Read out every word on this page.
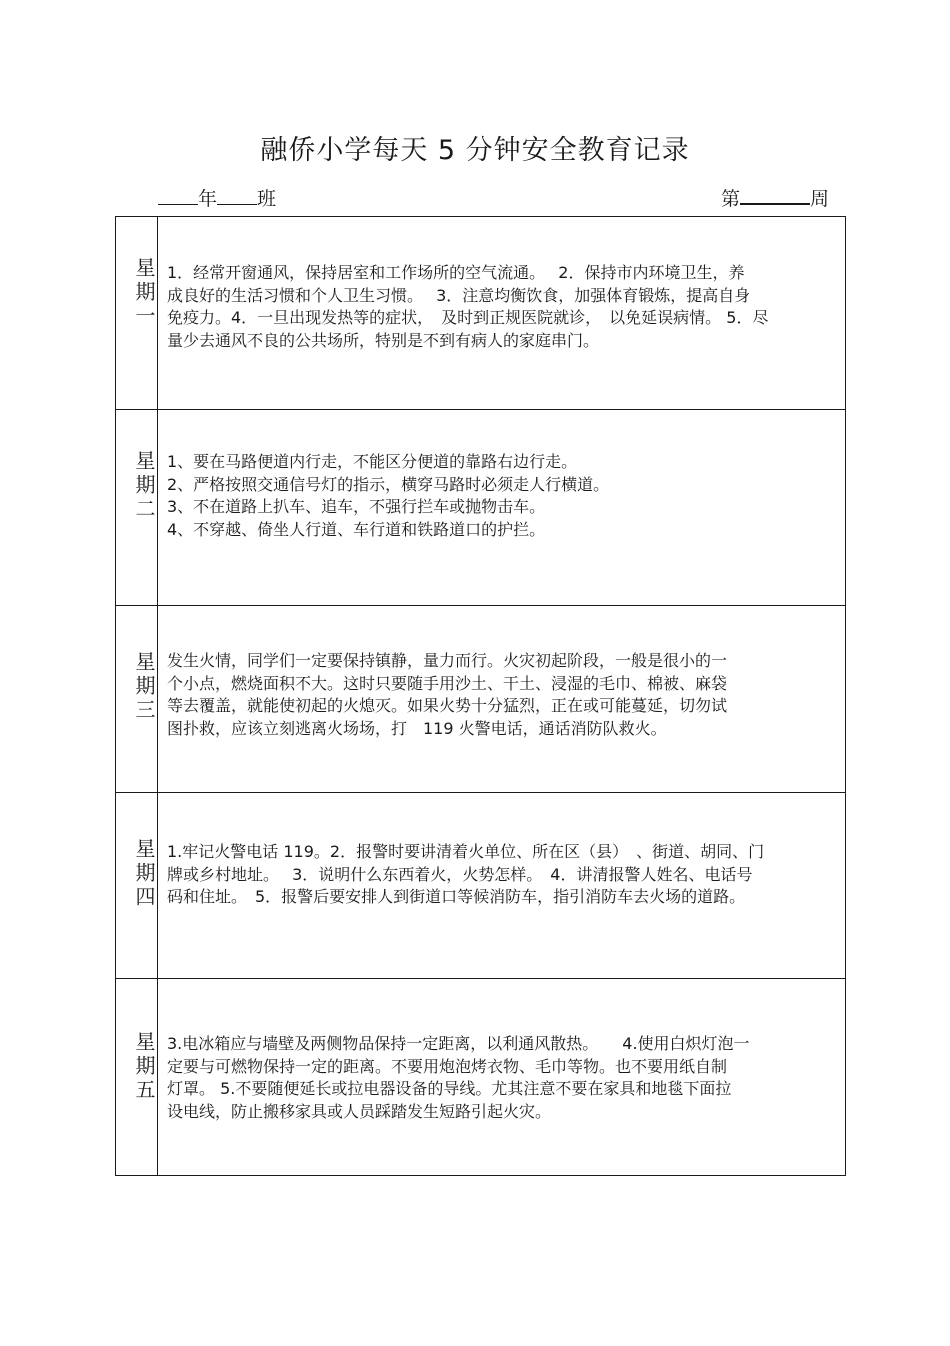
融侨小学每天 5 分钟安全教育记录
年 班	第	周
星期一 1．经常开窗通风，保持居室和工作场所的空气流通。　 2．保持市内环境卫生，养
成良好的生活习惯和个人卫生习惯。　 3．注意均衡饮食，加强体育锻炼，提高自身
免疫力。4．一旦出现发热等的症状，　及时到正规医院就诊，　以免延误病情。 5．尽
量少去通风不良的公共场所，特别是不到有病人的家庭串门。

星期二 1、要在马路便道内行走，不能区分便道的靠路右边行走。
2、严格按照交通信号灯的指示，横穿马路时必须走人行横道。
3、不在道路上扒车、追车，不强行拦车或抛物击车。
4、不穿越、倚坐人行道、车行道和铁路道口的护拦。

星期三 发生火情，同学们一定要保持镇静，量力而行。火灾初起阶段，一般是很小的一
个小点，燃烧面积不大。这时只要随手用沙土、干土、浸湿的毛巾、棉被、麻袋
等去覆盖，就能使初起的火熄灭。如果火势十分猛烈，正在或可能蔓延，切勿试
图扑救，应该立刻逃离火场场，打　119 火警电话，通话消防队救火。

星期四 1.牢记火警电话 119。2．报警时要讲清着火单位、所在区（县）　、街道、胡同、门
牌或乡村地址。　 3．说明什么东西着火，火势怎样。　4．讲清报警人姓名、电话号
码和住址。　5．报警后要安排人到街道口等候消防车，指引消防车去火场的道路。

星期五 3.电冰箱应与墙壁及两侧物品保持一定距离，以利通风散热。　　4.使用白炽灯泡一
定要与可燃物保持一定的距离。不要用炮泡烤衣物、毛巾等物。也不要用纸自制
灯罩。 5.不要随便延长或拉电器设备的导线。尤其注意不要在家具和地毯下面拉
设电线，防止搬移家具或人员踩踏发生短路引起火灾。
